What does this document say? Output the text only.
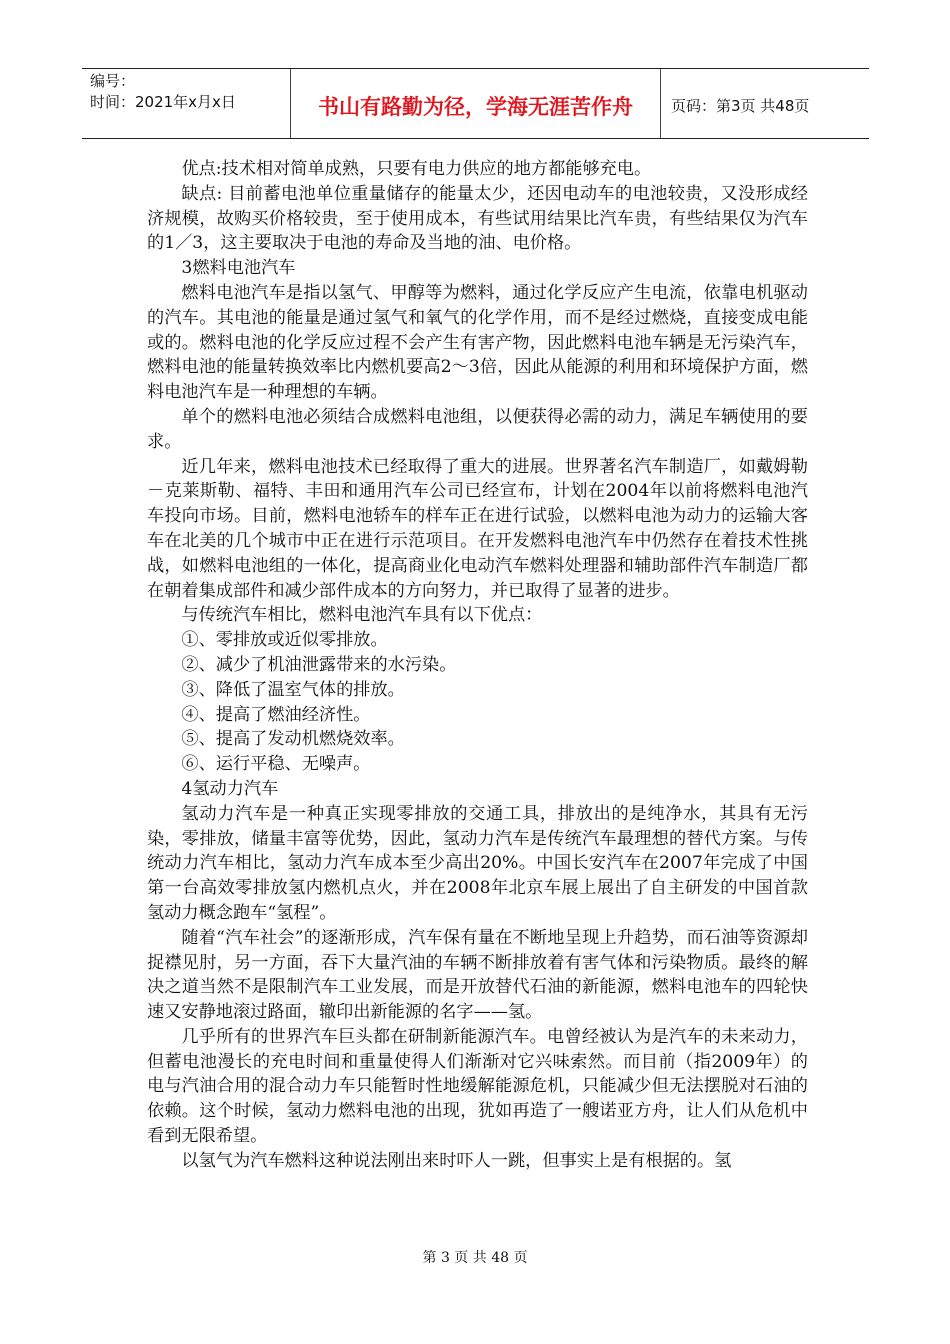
编号：
时间：2021年x月x日	书山有路勤为径，学海无涯苦作舟	页码：第3页 共48页

优点:技术相对简单成熟，只要有电力供应的地方都能够充电。

缺点: 目前蓄电池单位重量储存的能量太少，还因电动车的电池较贵，又没形成经济规模，故购买价格较贵，至于使用成本，有些试用结果比汽车贵，有些结果仅为汽车的1／3，这主要取决于电池的寿命及当地的油、电价格。

3燃料电池汽车

燃料电池汽车是指以氢气、甲醇等为燃料，通过化学反应产生电流，依靠电机驱动的汽车。其电池的能量是通过氢气和氧气的化学作用，而不是经过燃烧，直接变成电能或的。燃料电池的化学反应过程不会产生有害产物，因此燃料电池车辆是无污染汽车，燃料电池的能量转换效率比内燃机要高2～3倍，因此从能源的利用和环境保护方面，燃料电池汽车是一种理想的车辆。

单个的燃料电池必须结合成燃料电池组，以便获得必需的动力，满足车辆使用的要求。

近几年来，燃料电池技术已经取得了重大的进展。世界著名汽车制造厂，如戴姆勒－克莱斯勒、福特、丰田和通用汽车公司已经宣布，计划在2004年以前将燃料电池汽车投向市场。目前，燃料电池轿车的样车正在进行试验，以燃料电池为动力的运输大客车在北美的几个城市中正在进行示范项目。在开发燃料电池汽车中仍然存在着技术性挑战，如燃料电池组的一体化，提高商业化电动汽车燃料处理器和辅助部件汽车制造厂都在朝着集成部件和减少部件成本的方向努力，并已取得了显著的进步。

与传统汽车相比，燃料电池汽车具有以下优点：

①、零排放或近似零排放。

②、减少了机油泄露带来的水污染。

③、降低了温室气体的排放。

④、提高了燃油经济性。

⑤、提高了发动机燃烧效率。

⑥、运行平稳、无噪声。

4氢动力汽车

氢动力汽车是一种真正实现零排放的交通工具，排放出的是纯净水，其具有无污染，零排放，储量丰富等优势，因此，氢动力汽车是传统汽车最理想的替代方案。与传统动力汽车相比，氢动力汽车成本至少高出20%。中国长安汽车在2007年完成了中国第一台高效零排放氢内燃机点火，并在2008年北京车展上展出了自主研发的中国首款氢动力概念跑车“氢程”。

随着“汽车社会”的逐渐形成，汽车保有量在不断地呈现上升趋势，而石油等资源却捉襟见肘，另一方面，吞下大量汽油的车辆不断排放着有害气体和污染物质。最终的解决之道当然不是限制汽车工业发展，而是开放替代石油的新能源，燃料电池车的四轮快速又安静地滚过路面，辙印出新能源的名字——氢。

几乎所有的世界汽车巨头都在研制新能源汽车。电曾经被认为是汽车的未来动力，但蓄电池漫长的充电时间和重量使得人们渐渐对它兴味索然。而目前（指2009年）的电与汽油合用的混合动力车只能暂时性地缓解能源危机，只能减少但无法摆脱对石油的依赖。这个时候，氢动力燃料电池的出现，犹如再造了一艘诺亚方舟，让人们从危机中看到无限希望。

以氢气为汽车燃料这种说法刚出来时吓人一跳，但事实上是有根据的。氢

第 3 页 共 48 页
